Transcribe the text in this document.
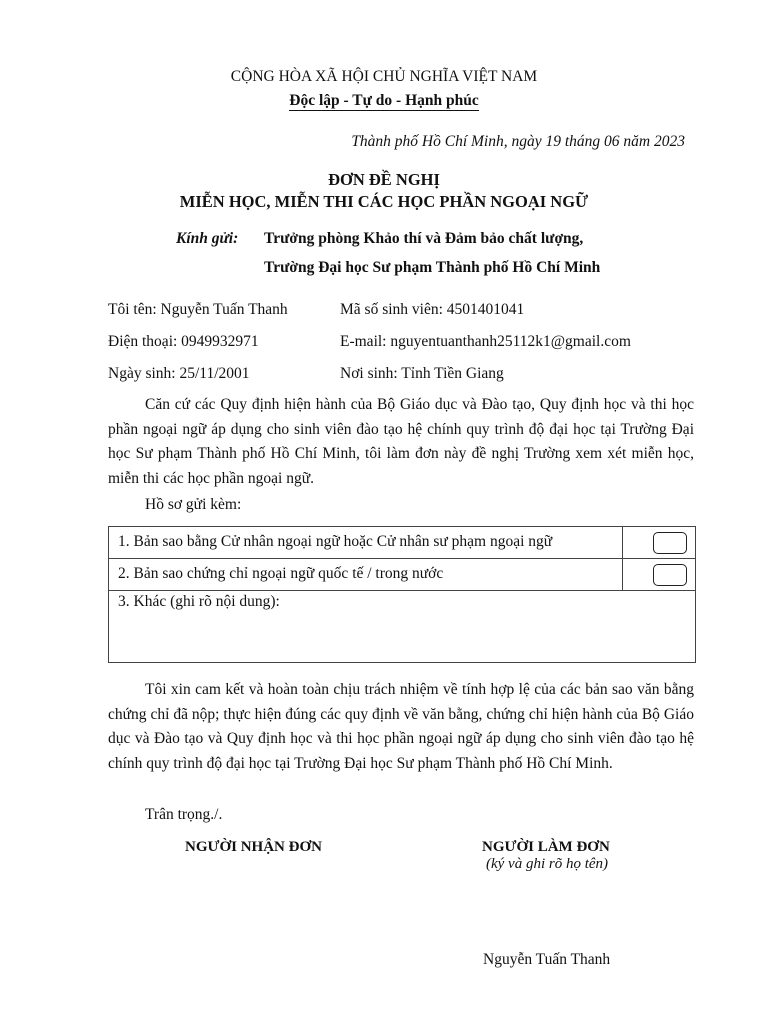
CỘNG HÒA XÃ HỘI CHỦ NGHĨA VIỆT NAM
Độc lập - Tự do - Hạnh phúc
Thành phố Hồ Chí Minh, ngày 19 tháng 06 năm 2023
ĐƠN ĐỀ NGHỊ
MIỄN HỌC, MIỄN THI CÁC HỌC PHẦN NGOẠI NGỮ
Kính gửi: Trưởng phòng Khảo thí và Đảm bảo chất lượng,
Trường Đại học Sư phạm Thành phố Hồ Chí Minh
Tôi tên: Nguyễn Tuấn Thanh	Mã số sinh viên: 4501401041
Điện thoại: 0949932971	E-mail: nguyentuanthanh25112k1@gmail.com
Ngày sinh: 25/11/2001	Nơi sinh: Tỉnh Tiền Giang
Căn cứ các Quy định hiện hành của Bộ Giáo dục và Đào tạo, Quy định học và thi học phần ngoại ngữ áp dụng cho sinh viên đào tạo hệ chính quy trình độ đại học tại Trường Đại học Sư phạm Thành phố Hồ Chí Minh, tôi làm đơn này đề nghị Trường xem xét miễn học, miễn thi các học phần ngoại ngữ.
Hồ sơ gửi kèm:
1. Bản sao bằng Cử nhân ngoại ngữ hoặc Cử nhân sư phạm ngoại ngữ	

2. Bản sao chứng chỉ ngoại ngữ quốc tế / trong nước	

3. Khác (ghi rõ nội dung):	
Tôi xin cam kết và hoàn toàn chịu trách nhiệm về tính hợp lệ của các bản sao văn bằng chứng chỉ đã nộp; thực hiện đúng các quy định về văn bằng, chứng chỉ hiện hành của Bộ Giáo dục và Đào tạo và Quy định học và thi học phần ngoại ngữ áp dụng cho sinh viên đào tạo hệ chính quy trình độ đại học tại Trường Đại học Sư phạm Thành phố Hồ Chí Minh.
Trân trọng./.
NGƯỜI NHẬN ĐƠN	NGƯỜI LÀM ĐƠN
(ký và ghi rõ họ tên)
Nguyễn Tuấn Thanh
